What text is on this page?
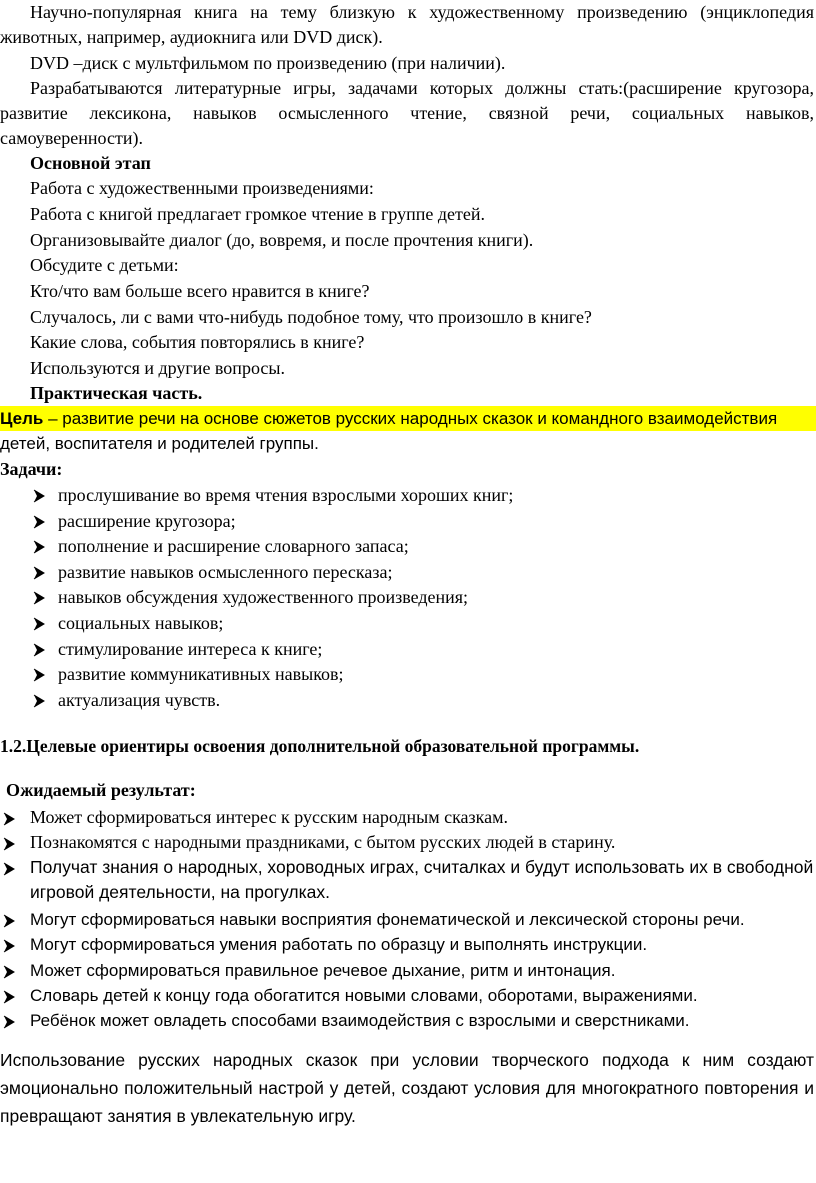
Научно-популярная книга на тему близкую к художественному произведению (энциклопедия животных, например, аудиокнига или DVD диск).
DVD –диск с мультфильмом по произведению (при наличии).
Разрабатываются литературные игры, задачами которых должны стать:(расширение кругозора, развитие лексикона, навыков осмысленного чтение, связной речи, социальных навыков, самоуверенности).
Основной этап
Работа с художественными произведениями:
Работа с книгой предлагает громкое чтение в группе детей.
Организовывайте диалог (до, вовремя, и после прочтения книги).
Обсудите с детьми:
Кто/что вам больше всего нравится в книге?
Случалось, ли с вами что-нибудь подобное тому, что произошло в книге?
Какие слова, события повторялись в книге?
Используются и другие вопросы.
Практическая часть.
Цель – развитие речи на основе сюжетов русских народных сказок и командного взаимодействия
детей, воспитателя и родителей группы.
Задачи:
прослушивание во время чтения взрослыми хороших книг;
расширение кругозора;
пополнение и расширение словарного запаса;
развитие навыков осмысленного пересказа;
навыков обсуждения художественного произведения;
социальных навыков;
стимулирование интереса к книге;
развитие коммуникативных навыков;
актуализация чувств.
1.2.Целевые ориентиры освоения дополнительной образовательной программы.
Ожидаемый результат:
Может сформироваться интерес к русским народным сказкам.
Познакомятся с народными праздниками, с бытом русских людей в старину.
Получат знания о народных, хороводных играх, считалках и будут использовать их в свободной
игровой деятельности, на прогулках.
Могут сформироваться навыки восприятия фонематической и лексической стороны речи.
Могут сформироваться умения работать по образцу и выполнять инструкции.
Может сформироваться правильное речевое дыхание, ритм и интонация.
Словарь детей к концу года обогатится новыми словами, оборотами, выражениями.
Ребёнок может овладеть способами взаимодействия с взрослыми и сверстниками.
Использование русских народных сказок при условии творческого подхода к ним создают эмоционально положительный настрой у детей, создают условия для многократного повторения и превращают занятия в увлекательную игру.
